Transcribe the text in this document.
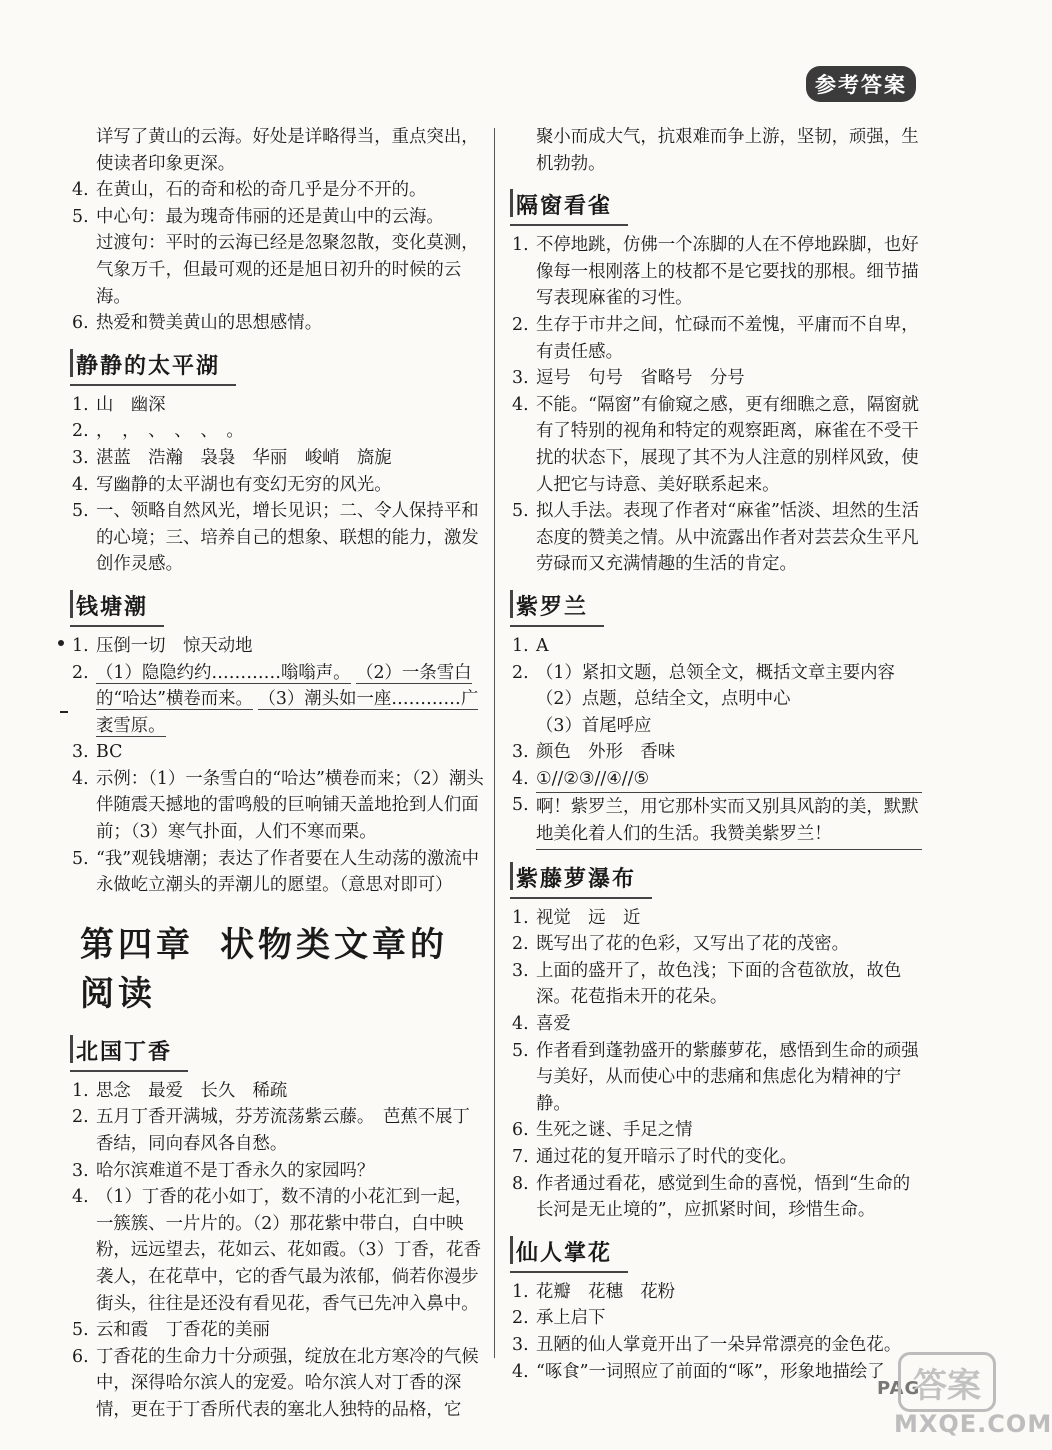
参考答案
详写了黄山的云海。好处是详略得当，重点突出，使读者印象更深。
4. 在黄山，石的奇和松的奇几乎是分不开的。
5. 中心句：最为瑰奇伟丽的还是黄山中的云海。
过渡句：平时的云海已经是忽聚忽散，变化莫测，气象万千，但最可观的还是旭日初升的时候的云海。
6. 热爱和赞美黄山的思想感情。
静静的太平湖
1. 山　幽深
2. ，　，　、　、　、　。
3. 湛蓝　浩瀚　袅袅　华丽　峻峭　旖旎
4. 写幽静的太平湖也有变幻无穷的风光。
5. 一、领略自然风光，增长见识；二、令人保持平和的心境；三、培养自己的想象、联想的能力，激发创作灵感。
钱塘潮
1. 压倒一切　惊天动地
2. （1）隐隐约约…………嗡嗡声。 （2）一条雪白的“哈达”横卷而来。 （3）潮头如一座…………广袤雪原。
3. BC
4. 示例：（1）一条雪白的“哈达”横卷而来；（2）潮头伴随震天撼地的雷鸣般的巨响铺天盖地抢到人们面前；（3）寒气扑面，人们不寒而栗。
5. “我”观钱塘潮；表达了作者要在人生动荡的激流中永做屹立潮头的弄潮儿的愿望。（意思对即可）
第四章 状物类文章的阅读
北国丁香
1. 思念　最爱　长久　稀疏
2. 五月丁香开满城，芬芳流荡紫云藤。　芭蕉不展丁香结，同向春风各自愁。
3. 哈尔滨难道不是丁香永久的家园吗？
4. （1）丁香的花小如丁，数不清的小花汇到一起，一簇簇、一片片的。（2）那花紫中带白，白中映粉，远远望去，花如云、花如霞。（3）丁香，花香袭人，在花草中，它的香气最为浓郁，倘若你漫步街头，往往是还没有看见花，香气已先冲入鼻中。
5. 云和霞　丁香花的美丽
6. 丁香花的生命力十分顽强，绽放在北方寒冷的气候中，深得哈尔滨人的宠爱。哈尔滨人对丁香的深情，更在于丁香所代表的塞北人独特的品格，它
聚小而成大气，抗艰难而争上游，坚韧，顽强，生机勃勃。
隔窗看雀
1. 不停地跳，仿佛一个冻脚的人在不停地跺脚，也好像每一根刚落上的枝都不是它要找的那根。细节描写表现麻雀的习性。
2. 生存于市井之间，忙碌而不羞愧，平庸而不自卑，有责任感。
3. 逗号　句号　省略号　分号
4. 不能。“隔窗”有偷窥之感，更有细瞧之意，隔窗就有了特别的视角和特定的观察距离，麻雀在不受干扰的状态下，展现了其不为人注意的别样风致，使人把它与诗意、美好联系起来。
5. 拟人手法。表现了作者对“麻雀”恬淡、坦然的生活态度的赞美之情。从中流露出作者对芸芸众生平凡劳碌而又充满情趣的生活的肯定。
紫罗兰
1. A
2. （1）紧扣文题，总领全文，概括文章主要内容
（2）点题，总结全文，点明中心
（3）首尾呼应
3. 颜色　外形　香味
4. ①//②③//④//⑤
5. 啊！紫罗兰，用它那朴实而又别具风韵的美，默默地美化着人们的生活。我赞美紫罗兰！
紫藤萝瀑布
1. 视觉　远　近
2. 既写出了花的色彩，又写出了花的茂密。
3. 上面的盛开了，故色浅；下面的含苞欲放，故色深。花苞指未开的花朵。
4. 喜爱
5. 作者看到蓬勃盛开的紫藤萝花，感悟到生命的顽强与美好，从而使心中的悲痛和焦虑化为精神的宁静。
6. 生死之谜、手足之情
7. 通过花的复开暗示了时代的变化。
8. 作者通过看花，感觉到生命的喜悦，悟到“生命的长河是无止境的”，应抓紧时间，珍惜生命。
仙人掌花
1. 花瓣　花穗　花粉
2. 承上启下
3. 丑陋的仙人掌竟开出了一朵异常漂亮的金色花。
4. “啄食”一词照应了前面的“啄”，形象地描绘了
PAG
答案
MXQE.COM
